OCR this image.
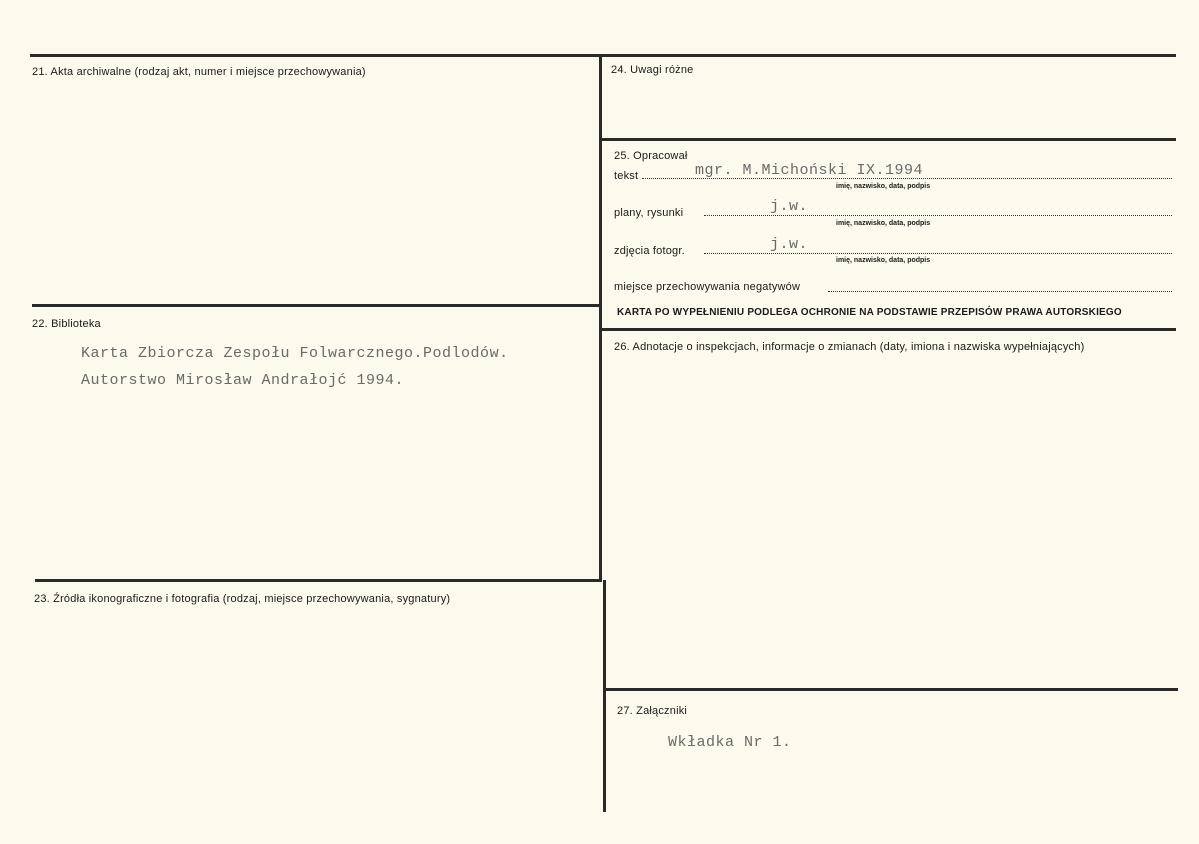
21. Akta archiwalne (rodzaj akt, numer i miejsce przechowywania)	24. Uwagi różne
25. Opracował
tekst	mgr. M.Michoński IX.1994
imię, nazwisko, data, podpis
plany, rysunki	j.w.
imię, nazwisko, data, podpis
zdjęcia fotogr.	j.w.
imię, nazwisko, data, podpis
miejsce przechowywania negatywów
KARTA PO WYPEŁNIENIU PODLEGA OCHRONIE NA PODSTAWIE PRZEPISÓW PRAWA AUTORSKIEGO
22. Biblioteka
Karta Zbiorcza Zespołu Folwarcznego.Podlodów.
Autorstwo Mirosław Andrałojć 1994.
26. Adnotacje o inspekcjach, informacje o zmianach (daty, imiona i nazwiska wypełniających)
23. Źródła ikonograficzne i fotografia (rodzaj, miejsce przechowywania, sygnatury)
27. Załączniki
Wkładka Nr 1.
